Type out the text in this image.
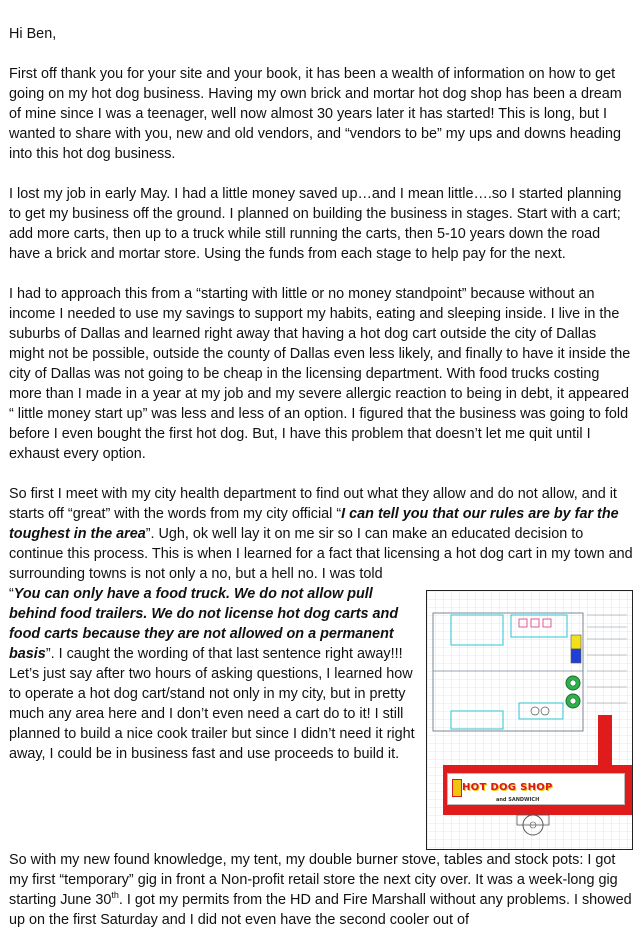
Hi Ben,

First off thank you for your site and your book, it has been a wealth of information on how to get going on my hot dog business. Having my own brick and mortar hot dog shop has been a dream of mine since I was a teenager, well now almost 30 years later it has started! This is long, but I wanted to share with you, new and old vendors, and “vendors to be” my ups and downs heading into this hot dog business.

I lost my job in early May. I had a little money saved up…and I mean little….so I started planning to get my business off the ground. I planned on building the business in stages. Start with a cart; add more carts, then up to a truck while still running the carts, then 5-10 years down the road have a brick and mortar store. Using the funds from each stage to help pay for the next.

I had to approach this from a “starting with little or no money standpoint” because without an income I needed to use my savings to support my habits, eating and sleeping inside. I live in the suburbs of Dallas and learned right away that having a hot dog cart outside the city of Dallas might not be possible, outside the county of Dallas even less likely, and finally to have it inside the city of Dallas was not going to be cheap in the licensing department. With food trucks costing more than I made in a year at my job and my severe allergic reaction to being in debt, it appeared “ little money start up” was less and less of an option. I figured that the business was going to fold before I even bought the first hot dog. But, I have this problem that doesn’t let me quit until I exhaust every option.

So first I meet with my city health department to find out what they allow and do not allow, and it starts off “great” with the words from my city official “I can tell you that our rules are by far the toughest in the area”. Ugh, ok well lay it on me sir so I can make an educated decision to continue this process. This is when I learned for a fact that licensing a hot dog cart in my town and surrounding towns is not only a no, but a hell no. I was told “
HOT DOG SHOP
and SANDWICH
You can only have a food truck. We do not allow pull behind food trailers. We do not license hot dog carts and food carts because they are not allowed on a permanent basis”. I caught the wording of that last sentence right away!!! Let’s just say after two hours of asking questions, I learned how to operate a hot dog cart/stand not only in my city, but in pretty much any area here and I don’t even need a cart do to it! I still planned to build a nice cook trailer but since I didn’t need it right away, I could be in business fast and use proceeds to build it.

So with my new found knowledge, my tent, my double burner stove, tables and stock pots: I got my first “temporary” gig in front a Non-profit retail store the next city over. It was a week-long gig starting June 30th. I got my permits from the HD and Fire Marshall without any problems. I showed up on the first Saturday and I did not even have the second cooler out of
